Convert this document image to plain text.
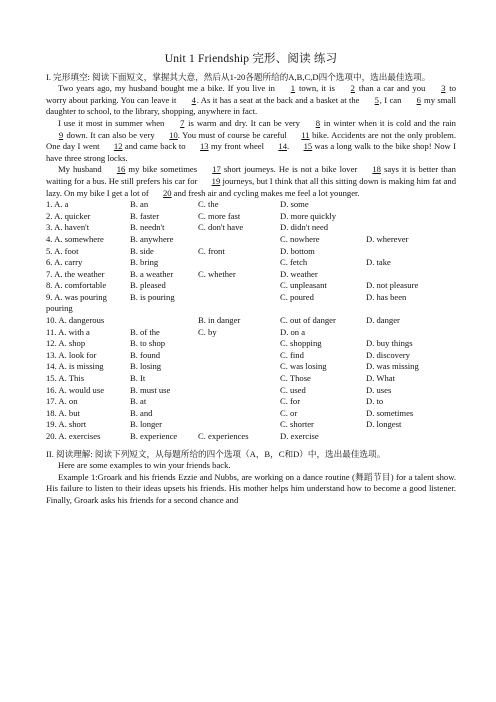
Unit 1 Friendship 完形、阅读 练习

I. 完形填空: 阅读下面短文，掌握其大意，然后从1-20各题所给的A,B,C,D四个选项中，选出最佳选项。

Two years ago, my husband bought me a bike. If you live in 1 town, it is 2 than a car and you 3 to worry about parking. You can leave it 4. As it has a seat at the back and a basket at the 5, I can 6 my small daughter to school, to the library, shopping, anywhere in fact.

I use it most in summer when 7 is warm and dry. It can be very 8 in winter when it is cold and the rain 9 down. It can also be very 10. You must of course be careful 11 bike. Accidents are not the only problem. One day I went 12 and came back to 13 my front wheel 14. 15 was a long walk to the bike shop! Now I have three strong locks.

My husband 16 my bike sometimes 17 short journeys. He is not a bike lover 18 says it is better than waiting for a bus. He still prefers his car for 19 journeys, but I think that all this sitting down is making him fat and lazy. On my bike I get a lot of 20 and fresh air and cycling makes me feel a lot younger.

1. A. a	B. an	C. the	D. some
2. A. quicker	B. faster	C. more fast	D. more quickly
3. A. haven't	B. needn't	C. don't have	D. didn't need
4. A. somewhere	B. anywhere	C. nowhere	D. wherever
5. A. foot	B. side	C. front	D. bottom
6. A. carry	B. bring	C. fetch	D. take
7. A. the weather	B. a weather	C. whether	D. weather
8. A. comfortable	B. pleased	C. unpleasant	D. not pleasure
9. A. was pouring	B. is pouring	C. poured	D. has been
pouring
10. A. dangerous	B. in danger	C. out of danger	D. danger
11. A. with a	B. of the	C. by	D. on a
12. A. shop	B. to shop	C. shopping	D. buy things
13. A. look for	B. found	C. find	D. discovery
14. A. is missing	B. losing	C. was losing	D. was missing
15. A. This	B. It	C. Those	D. What
16. A. would use	B. must use	C. used	D. uses
17. A. on	B. at	C. for	D. to
18. A. but	B. and	C. or	D. sometimes
19. A. short	B. longer	C. shorter	D. longest
20. A. exercises	B. experience	C. experiences	D. exercise

II. 阅读理解: 阅读下列短文，从每题所给的四个选项（A，B，C和D）中，选出最佳选项。

Here are some examples to win your friends back.

Example 1:Groark and his friends Ezzie and Nubbs, are working on a dance routine (舞蹈节目) for a talent show. His failure to listen to their ideas upsets his friends. His mother helps him understand how to become a good listener. Finally, Groark asks his friends for a second chance and
